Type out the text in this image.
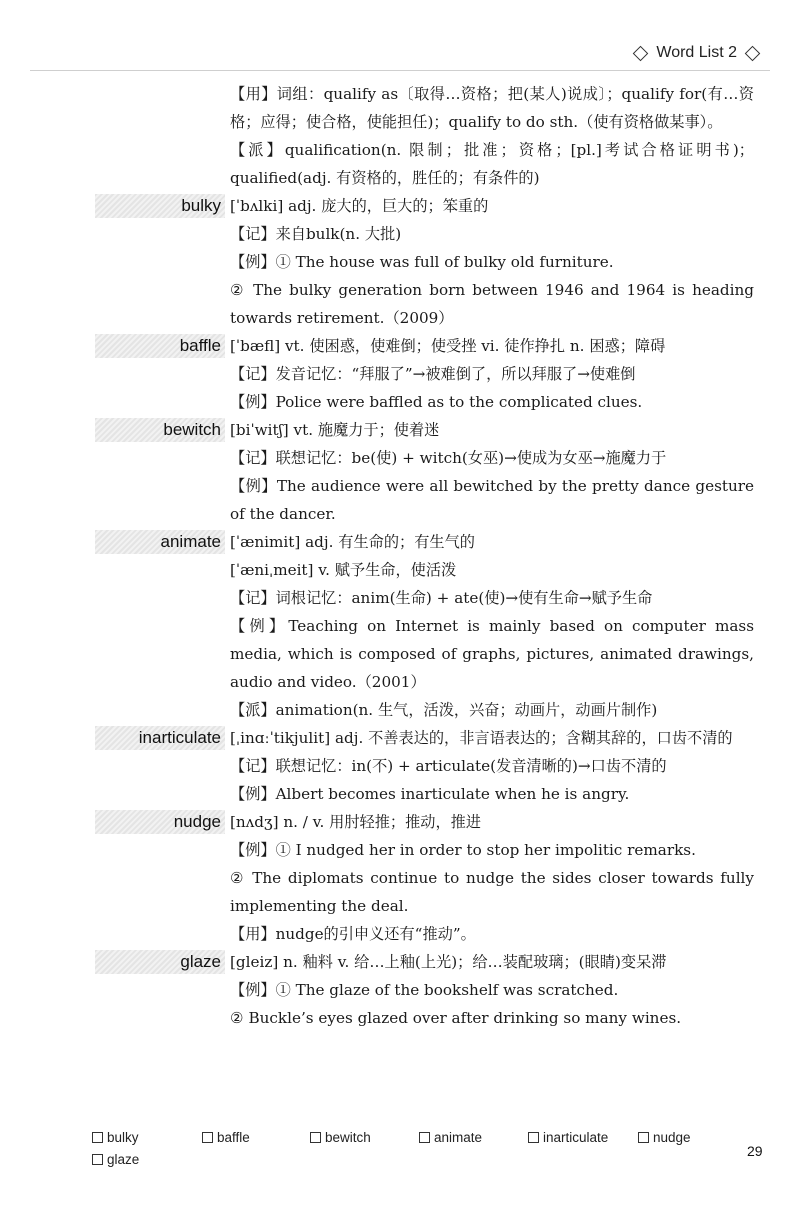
Word List 2

【用】词组：qualify as〔取得…资格；把(某人)说成〕；qualify for(有…资格；应得；使合格，使能担任)；qualify to do sth.（使有资格做某事）。

【派】qualification(n. 限制；批准；资格；[pl.]考试合格证明书)；qualified(adj. 有资格的，胜任的；有条件的)

bulky [ˈbʌlki] adj. 庞大的，巨大的；笨重的

【记】来自bulk(n. 大批)

【例】① The house was full of bulky old furniture.

② The bulky generation born between 1946 and 1964 is heading towards retirement.（2009）

baffle [ˈbæfl] vt. 使困惑，使难倒；使受挫 vi. 徒作挣扎 n. 困惑；障碍

【记】发音记忆：“拜服了”→被难倒了，所以拜服了→使难倒

【例】Police were baffled as to the complicated clues.

bewitch [biˈwitʃ] vt. 施魔力于；使着迷

【记】联想记忆：be(使) + witch(女巫)→使成为女巫→施魔力于

【例】The audience were all bewitched by the pretty dance gesture of the dancer.

animate [ˈænimit] adj. 有生命的；有生气的

[ˈæniˌmeit] v. 赋予生命，使活泼

【记】词根记忆：anim(生命) + ate(使)→使有生命→赋予生命

【例】Teaching on Internet is mainly based on computer mass media, which is composed of graphs, pictures, animated drawings, audio and video.（2001）

【派】animation(n. 生气，活泼，兴奋；动画片，动画片制作)

inarticulate [ˌinɑːˈtikjulit] adj. 不善表达的，非言语表达的；含糊其辞的，口齿不清的

【记】联想记忆：in(不) + articulate(发音清晰的)→口齿不清的

【例】Albert becomes inarticulate when he is angry.

nudge [nʌdʒ] n. / v. 用肘轻推；推动，推进

【例】① I nudged her in order to stop her impolitic remarks.

② The diplomats continue to nudge the sides closer towards fully implementing the deal.

【用】nudge的引申义还有“推动”。

glaze [gleiz] n. 釉料 v. 给…上釉(上光)；给…装配玻璃；(眼睛)变呆滞

【例】① The glaze of the bookshelf was scratched.

② Buckle’s eyes glazed over after drinking so many wines.

bulky	baffle	bewitch	animate	inarticulate	nudge
glaze
29
